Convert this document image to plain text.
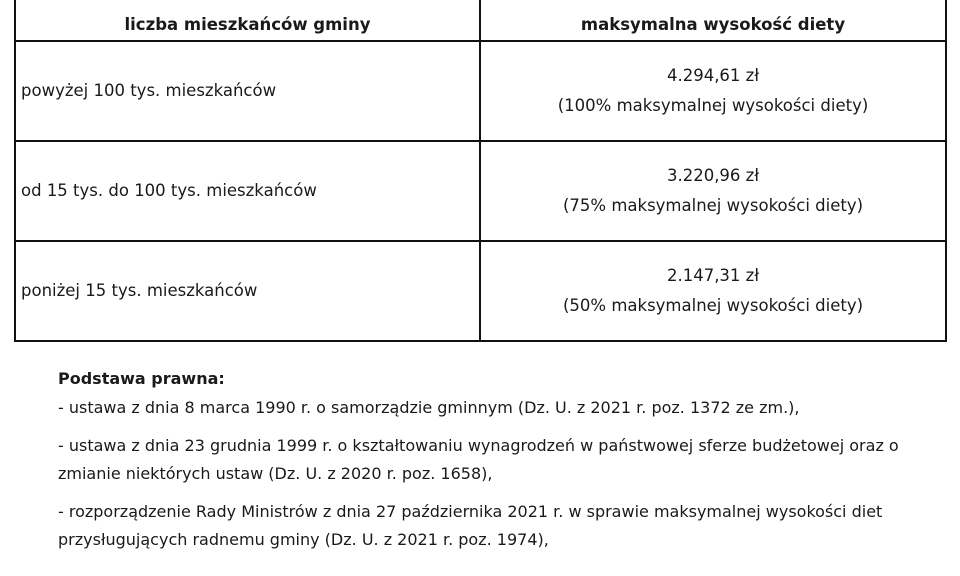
liczba mieszkańców gminy	maksymalna wysokość diety
powyżej 100 tys. mieszkańców	4.294,61 zł
(100% maksymalnej wysokości diety)

od 15 tys. do 100 tys. mieszkańców	3.220,96 zł
(75% maksymalnej wysokości diety)

poniżej 15 tys. mieszkańców	2.147,31 zł
(50% maksymalnej wysokości diety)
Podstawa prawna:
- ustawa z dnia 8 marca 1990 r. o samorządzie gminnym (Dz. U. z 2021 r. poz. 1372 ze zm.),
- ustawa z dnia 23 grudnia 1999 r. o kształtowaniu wynagrodzeń w państwowej sferze budżetowej oraz o zmianie niektórych ustaw (Dz. U. z 2020 r. poz. 1658),
- rozporządzenie Rady Ministrów z dnia 27 października 2021 r. w sprawie maksymalnej wysokości diet przysługujących radnemu gminy (Dz. U. z 2021 r. poz. 1974),
